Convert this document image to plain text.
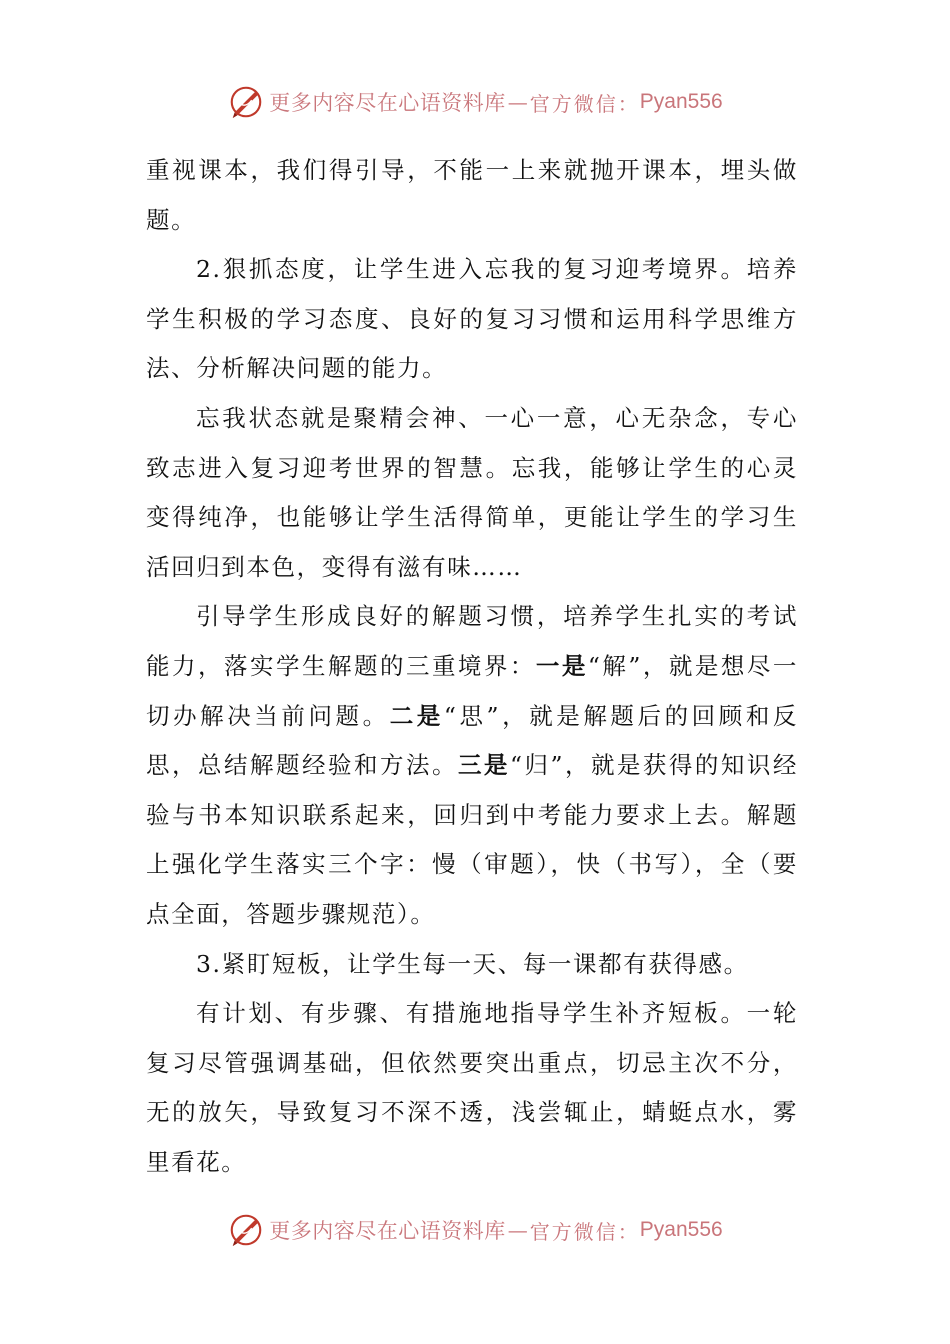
更多内容尽在心语资料库 — 官方微信： Pyan556

重视课本，我们得引导，不能一上来就抛开课本，埋头做题。

2.狠抓态度，让学生进入忘我的复习迎考境界。培养学生积极的学习态度、良好的复习习惯和运用科学思维方法、分析解决问题的能力。

忘我状态就是聚精会神、一心一意，心无杂念，专心致志进入复习迎考世界的智慧。忘我，能够让学生的心灵变得纯净，也能够让学生活得简单，更能让学生的学习生活回归到本色，变得有滋有味……

引导学生形成良好的解题习惯，培养学生扎实的考试能力，落实学生解题的三重境界：一是“解”，就是想尽一切办解决当前问题。二是“思”，就是解题后的回顾和反思，总结解题经验和方法。三是“归”，就是获得的知识经验与书本知识联系起来，回归到中考能力要求上去。解题上强化学生落实三个字：慢（审题），快（书写），全（要点全面，答题步骤规范）。

3.紧盯短板，让学生每一天、每一课都有获得感。

有计划、有步骤、有措施地指导学生补齐短板。一轮复习尽管强调基础，但依然要突出重点，切忌主次不分，无的放矢，导致复习不深不透，浅尝辄止，蜻蜓点水，雾里看花。

更多内容尽在心语资料库 — 官方微信： Pyan556
